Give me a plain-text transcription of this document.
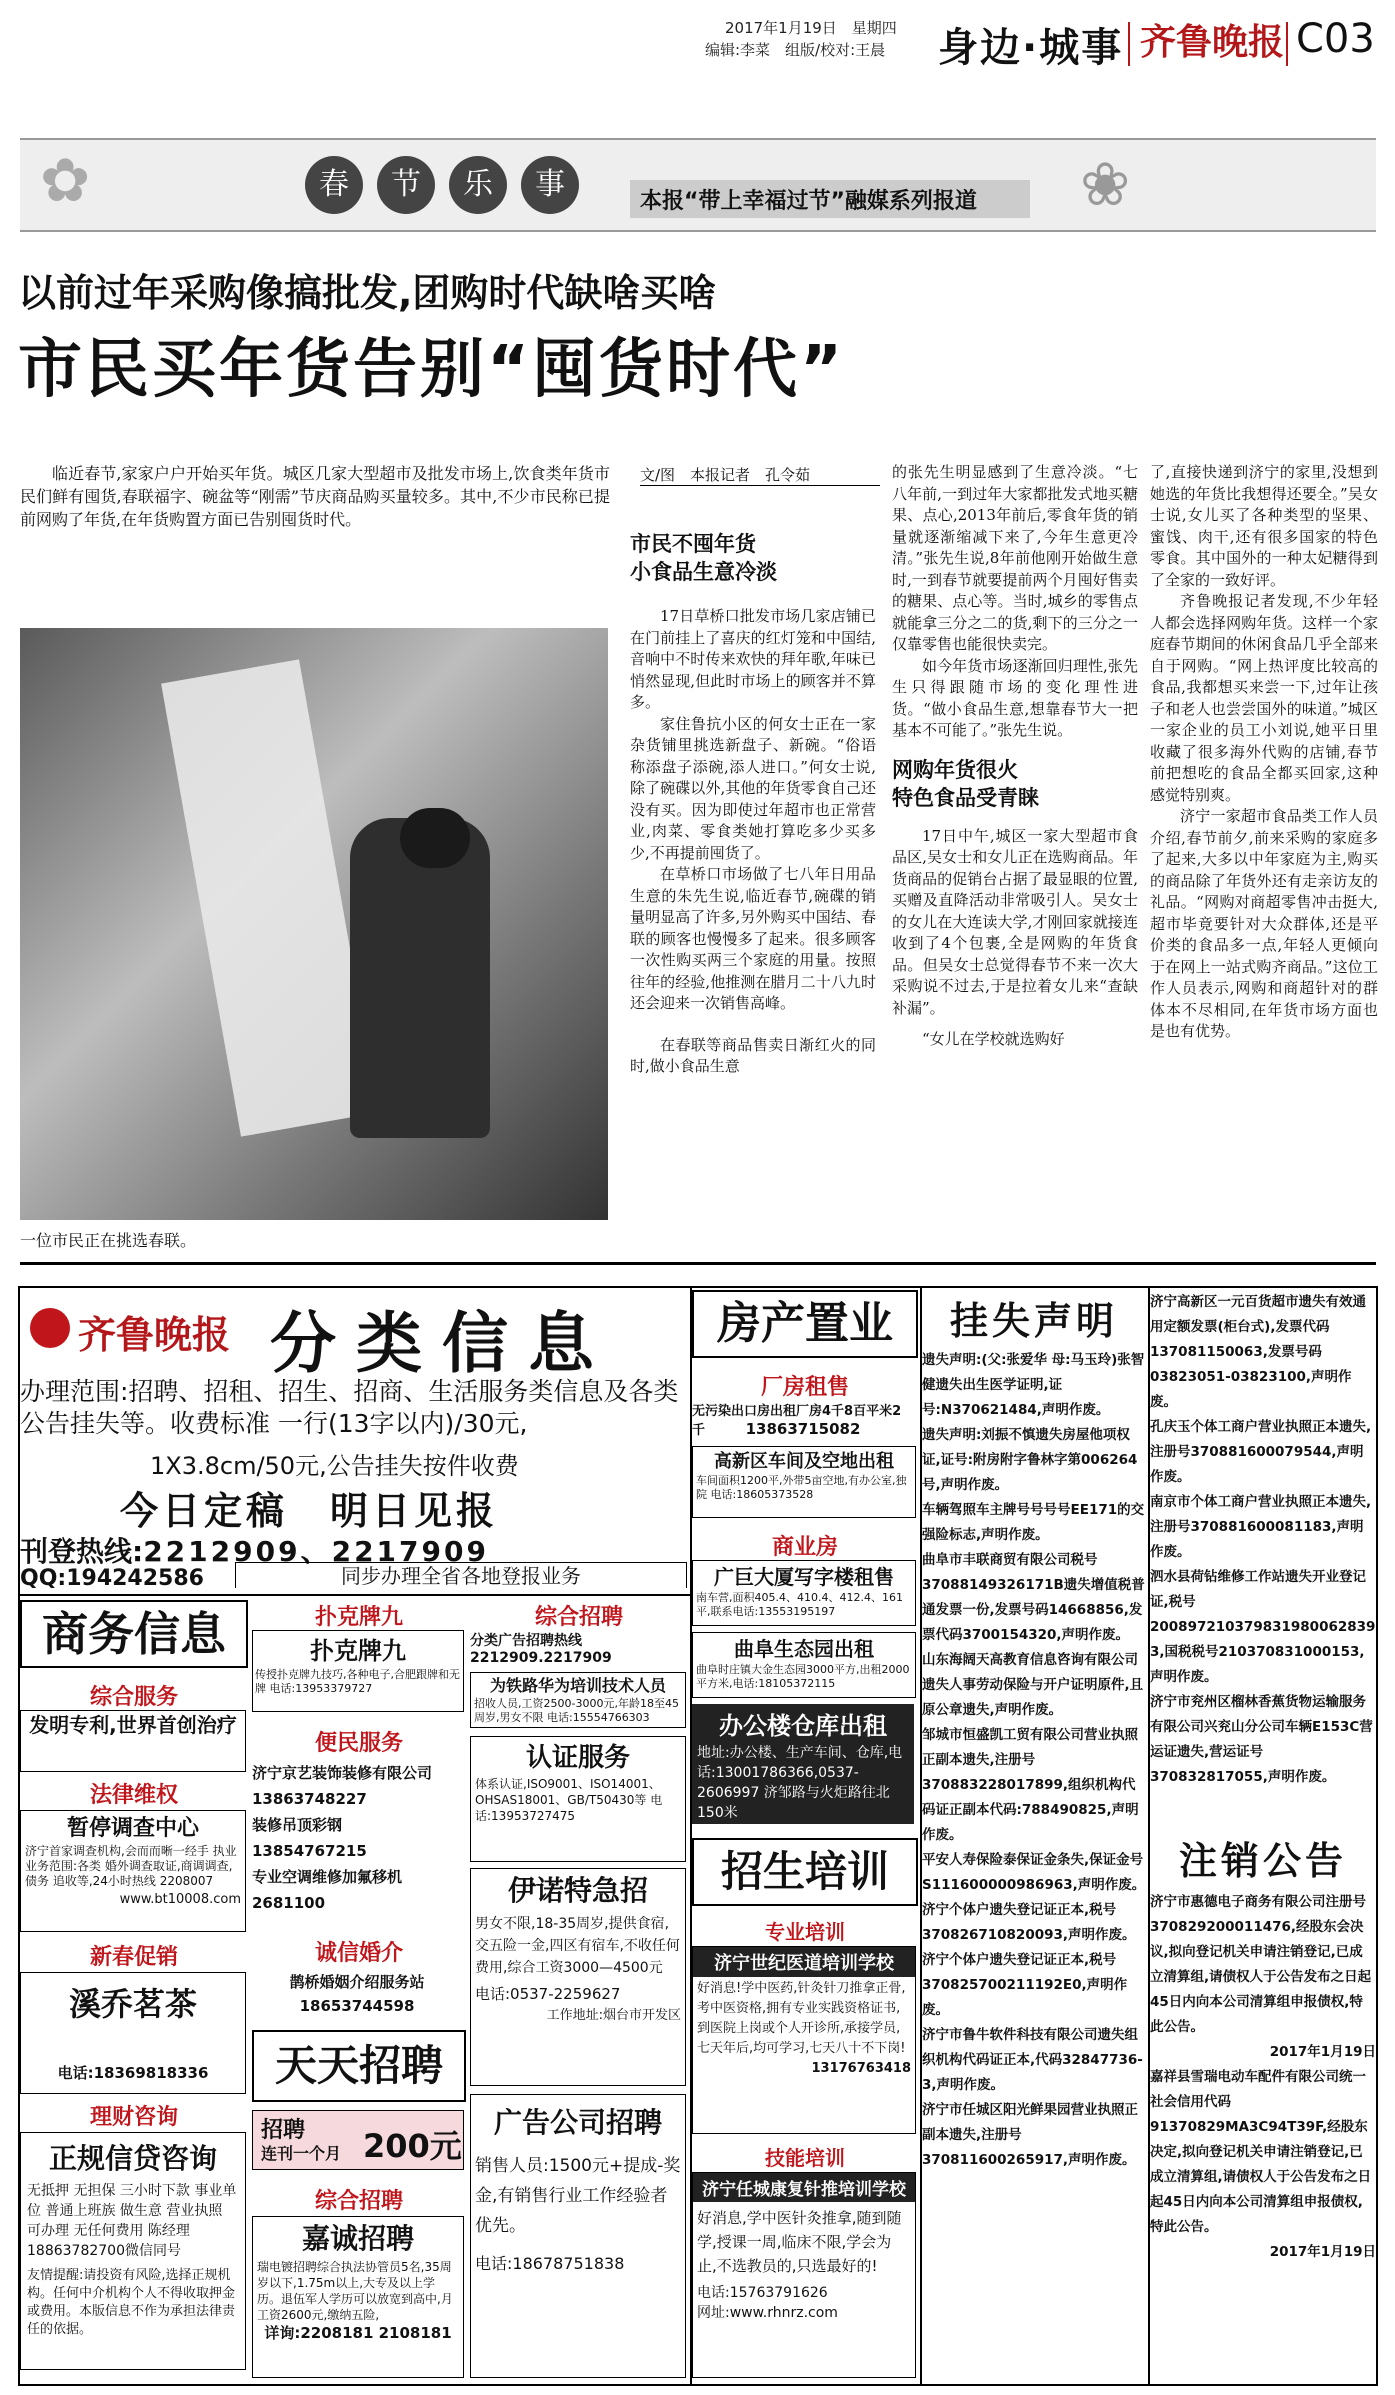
2017年1月19日　星期四
编辑:李菜　组版/校对:王晨 身边·城事 齐鲁晚报 C03
春 节 乐 事	本报“带上幸福过节”融媒系列报道 ❀
✿
以前过年采购像搞批发,团购时代缺啥买啥
市民买年货告别“囤货时代”

临近春节,家家户户开始买年货。城区几家大型超市及批发市场上,饮食类年货市民们鲜有囤货,春联福字、碗盆等“刚需”节庆商品购买量较多。其中,不少市民称已提前网购了年货,在年货购置方面已告别囤货时代。

一位市民正在挑选春联。
文/图　本报记者　孔令茹
市民不囤年货
小食品生意冷淡

17日草桥口批发市场几家店铺已在门前挂上了喜庆的红灯笼和中国结,音响中不时传来欢快的拜年歌,年味已悄然显现,但此时市场上的顾客并不算多。

家住鲁抗小区的何女士正在一家杂货铺里挑选新盘子、新碗。“俗语称添盘子添碗,添人进口。”何女士说,除了碗碟以外,其他的年货零食自己还没有买。因为即使过年超市也正常营业,肉菜、零食类她打算吃多少买多少,不再提前囤货了。

在草桥口市场做了七八年日用品生意的朱先生说,临近春节,碗碟的销量明显高了许多,另外购买中国结、春联的顾客也慢慢多了起来。很多顾客一次性购买两三个家庭的用量。按照往年的经验,他推测在腊月二十八九时还会迎来一次销售高峰。

在春联等商品售卖日渐红火的同时,做小食品生意

的张先生明显感到了生意冷淡。“七八年前,一到过年大家都批发式地买糖果、点心,2013年前后,零食年货的销量就逐渐缩减下来了,今年生意更冷清。”张先生说,8年前他刚开始做生意时,一到春节就要提前两个月囤好售卖的糖果、点心等。当时,城乡的零售点就能拿三分之二的货,剩下的三分之一仅靠零售也能很快卖完。

如今年货市场逐渐回归理性,张先生只得跟随市场的变化理性进货。“做小食品生意,想靠春节大一把基本不可能了。”张先生说。

网购年货很火
特色食品受青睐

17日中午,城区一家大型超市食品区,吴女士和女儿正在选购商品。年货商品的促销台占据了最显眼的位置,买赠及直降活动非常吸引人。吴女士的女儿在大连读大学,才刚回家就接连收到了4个包裹,全是网购的年货食品。但吴女士总觉得春节不来一次大采购说不过去,于是拉着女儿来“查缺补漏”。

“女儿在学校就选购好

了,直接快递到济宁的家里,没想到她选的年货比我想得还要全。”吴女士说,女儿买了各种类型的坚果、蜜饯、肉干,还有很多国家的特色零食。其中国外的一种太妃糖得到了全家的一致好评。

齐鲁晚报记者发现,不少年轻人都会选择网购年货。这样一个家庭春节期间的休闲食品几乎全部来自于网购。“网上热评度比较高的食品,我都想买来尝一下,过年让孩子和老人也尝尝国外的味道。”城区一家企业的员工小刘说,她平日里收藏了很多海外代购的店铺,春节前把想吃的食品全都买回家,这种感觉特别爽。

济宁一家超市食品类工作人员介绍,春节前夕,前来采购的家庭多了起来,大多以中年家庭为主,购买的商品除了年货外还有走亲访友的礼品。“网购对商超零售冲击挺大,超市毕竟要针对大众群体,还是平价类的食品多一点,年轻人更倾向于在网上一站式购齐商品。”这位工作人员表示,网购和商超针对的群体本不尽相同,在年货市场方面也是也有优势。

齐鲁晚报 分类信息
办理范围:招聘、招租、招生、招商、生活服务类信息及各类公告挂失等。收费标准 一行(13字以内)/30元,
1X3.8cm/50元,公告挂失按件收费
今日定稿　明日见报
刊登热线:2212909、2217909
QQ:194242586	同步办理全省各地登报业务
商务信息
综合服务
发明专利,世界首创治疗
法律维权
暂停调查中心
济宁首家调查机构,会而而晰一经手 执业 业务范围:各类 婚外调查取证,商调调查,债务 追收等,24小时热线 2208007
www.bt10008.com
新春促销
溪乔茗茶
电话:18369818336
理财咨询
正规信贷咨询
无抵押 无担保 三小时下款 事业单位 普通上班族 做生意 营业执照 可办理 无任何费用 陈经理 18863782700微信同号
友情提醒:请投资有风险,选择正规机构。任何中介机构个人不得收取押金或费用。本版信息不作为承担法律责任的依据。
扑克牌九
扑克牌九
传授扑克牌九技巧,各种电子,合肥跟牌和无牌 电话:13953379727
便民服务
济宁京艺装饰装修有限公司 13863748227
装修吊顶彩钢 13854767215
专业空调维修加氟移机 2681100
诚信婚介
鹊桥婚姻介绍服务站
18653744598
天天招聘
招聘
连刊一个月 200元
综合招聘
嘉诚招聘
瑞电镀招聘综合执法协管员5名,35周岁以下,1.75m以上,大专及以上学历。退伍军人学历可以放宽到高中,月工资2600元,缴纳五险,
详询:2208181 2108181
综合招聘
分类广告招聘热线 2212909.2217909
为铁路华为培训技术人员
招收人员,工资2500-3000元,年龄18至45周岁,男女不限 电话:15554766303
认证服务
体系认证,ISO9001、ISO14001、OHSAS18001、GB/T50430等 电话:13953727475
伊诺特急招
男女不限,18-35周岁,提供食宿,交五险一金,四区有宿车,不收任何费用,综合工资3000—4500元
电话:0537-2259627
工作地址:烟台市开发区
广告公司招聘
销售人员:1500元+提成-奖金,有销售行业工作经验者优先。
电话:18678751838
房产置业
厂房租售
无污染出口房出租厂房4千8百平米2千	13863715082
高新区车间及空地出租
车间面积1200平,外带5亩空地,有办公室,独院 电话:18605373528
商业房
广巨大厦写字楼租售
南车营,面积405.4、410.4、412.4、161平,联系电话:13553195197
曲阜生态园出租
曲阜时庄镇大金生态园3000平方,出租2000平方米,电话:18105372115
办公楼仓库出租
地址:办公楼、生产车间、仓库,电话:13001786366,0537-2606997 济邹路与火炬路往北150米
招生培训
专业培训
济宁世纪医道培训学校
好消息!学中医药,针灸针刀推拿正骨,考中医资格,拥有专业实践资格证书,到医院上岗或个人开诊所,承接学员,七天年后,均可学习,七天八十不下岗!
13176763418
技能培训
济宁任城康复针推培训学校
好消息,学中医针灸推拿,随到随学,授课一周,临床不限,学会为止,不选教员的,只选最好的!
电话:15763791626
网址:www.rhnrz.com
挂失声明
遗失声明:(父:张爱华 母:马玉玲)张智健遗失出生医学证明,证号:N370621484,声明作废。
遗失声明:刘振不慎遗失房屋他项权证,证号:附房附字鲁林字第006264号,声明作废。
车辆驾照车主牌号号号号EE171的交强险标志,声明作废。
曲阜市丰联商贸有限公司税号37088149326171B遗失增值税普通发票一份,发票号码14668856,发票代码3700154320,声明作废。
山东海阔天高教育信息咨询有限公司遗失人事劳动保险与开户证明原件,且原公章遗失,声明作废。
邹城市恒盛凯工贸有限公司营业执照正副本遗失,注册号370883228017899,组织机构代码证正副本代码:788490825,声明作废。
平安人寿保险泰保证金条失,保证金号S111600000986963,声明作废。
济宁个体户遗失登记证正本,税号370826710820093,声明作废。
济宁个体户遗失登记证正本,税号370825700211192E0,声明作废。
济宁市鲁牛软件科技有限公司遗失组织机构代码证正本,代码32847736-3,声明作废。
济宁市任城区阳光鲜果园营业执照正副本遗失,注册号370811600265917,声明作废。
济宁高新区一元百货超市遗失有效通用定额发票(柜台式),发票代码137081150063,发票号码03823051-03823100,声明作废。
孔庆玉个体工商户营业执照正本遗失,注册号370881600079544,声明作废。
南京市个体工商户营业执照正本遗失,注册号370881600081183,声明作废。
泗水县荷钻维修工作站遗失开业登记证,税号200897210379831980062839 3,国税税号210370831000153,声明作废。
济宁市兖州区榴林香蕉货物运输服务有限公司兴兖山分公司车辆E153C营运证遗失,营运证号370832817055,声明作废。
注销公告
济宁市惠德电子商务有限公司注册号370829200011476,经股东会决议,拟向登记机关申请注销登记,已成立清算组,请债权人于公告发布之日起45日内向本公司清算组申报债权,特此公告。
2017年1月19日
嘉祥县雪瑞电动车配件有限公司统一社会信用代码91370829MA3C94T39F,经股东决定,拟向登记机关申请注销登记,已成立清算组,请债权人于公告发布之日起45日内向本公司清算组申报债权,特此公告。
2017年1月19日
